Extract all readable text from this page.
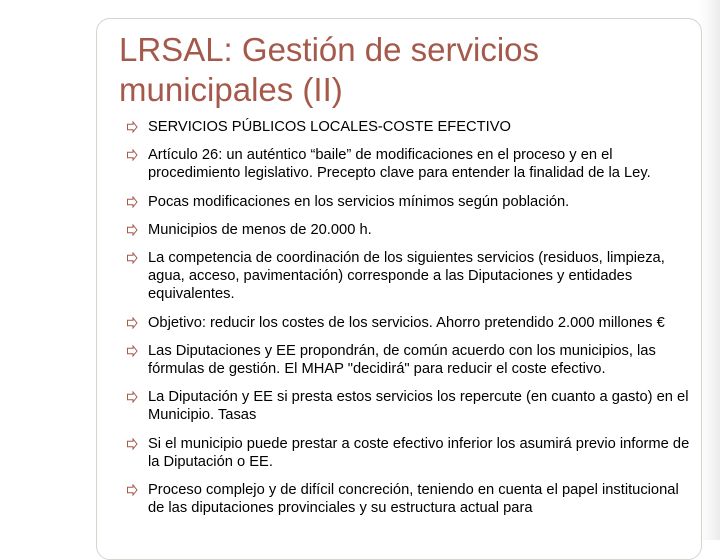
LRSAL: Gestión de servicios municipales (II)
SERVICIOS PÚBLICOS LOCALES-COSTE EFECTIVO
Artículo 26: un auténtico “baile” de modificaciones en el proceso y en el procedimiento legislativo. Precepto clave para entender la finalidad de la Ley.
Pocas modificaciones en los servicios mínimos según población.
Municipios de menos de 20.000 h.
La competencia de coordinación de los siguientes servicios (residuos, limpieza, agua, acceso, pavimentación) corresponde a las Diputaciones y entidades equivalentes.
Objetivo: reducir los costes de los servicios. Ahorro pretendido 2.000 millones €
Las Diputaciones y EE propondrán, de común acuerdo con los municipios, las fórmulas de gestión. El MHAP "decidirá" para reducir el coste efectivo.
La Diputación y EE si presta estos servicios los repercute (en cuanto a gasto) en el Municipio. Tasas
Si el municipio puede prestar a coste efectivo inferior los asumirá previo informe de la Diputación o EE.
Proceso complejo y de difícil concreción, teniendo en cuenta el papel institucional de las diputaciones provinciales y su estructura actual para
